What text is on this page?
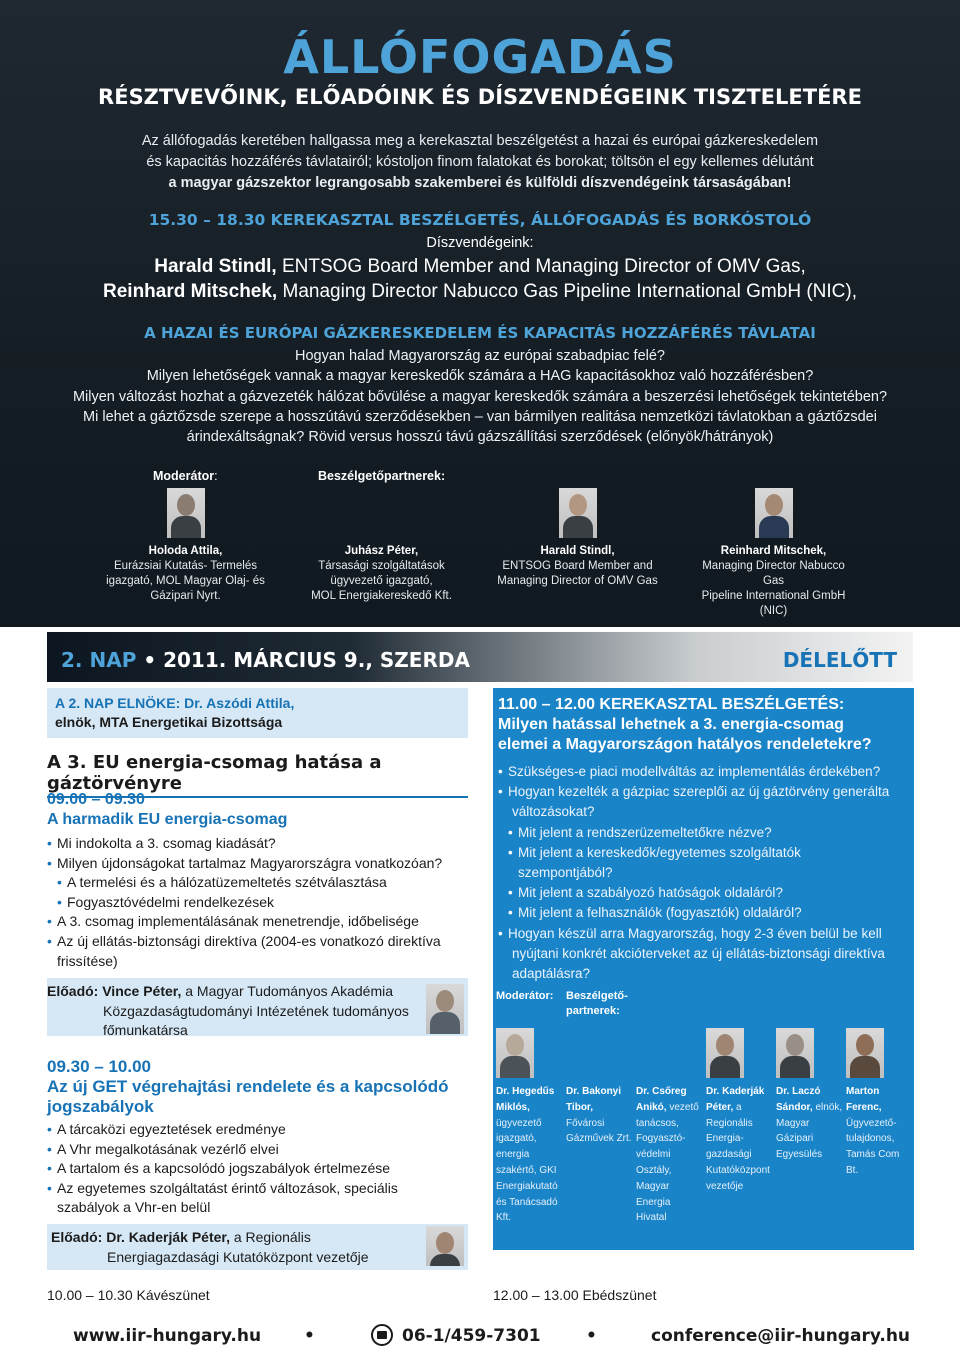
ÁLLÓFOGADÁS
RÉSZTVEVŐINK, ELŐADÓINK ÉS DÍSZVENDÉGEINK TISZTELETÉRE
Az állófogadás keretében hallgassa meg a kerekasztal beszélgetést a hazai és európai gázkereskedelem
és kapacitás hozzáférés távlatairól; kóstoljon finom falatokat és borokat; töltsön el egy kellemes délutánt
a magyar gázszektor legrangosabb szakemberei és külföldi díszvendégeink társaságában!
15.30 – 18.30 KEREKASZTAL BESZÉLGETÉS, ÁLLÓFOGADÁS ÉS BORKÓSTOLÓ
Díszvendégeink:
Harald Stindl, ENTSOG Board Member and Managing Director of OMV Gas,
Reinhard Mitschek, Managing Director Nabucco Gas Pipeline International GmbH (NIC),
A HAZAI ÉS EURÓPAI GÁZKERESKEDELEM ÉS KAPACITÁS HOZZÁFÉRÉS TÁVLATAI
Hogyan halad Magyarország az európai szabadpiac felé?
Milyen lehetőségek vannak a magyar kereskedők számára a HAG kapacitásokhoz való hozzáférésben?
Milyen változást hozhat a gázvezeték hálózat bővülése a magyar kereskedők számára a beszerzési lehetőségek tekintetében?
Mi lehet a gáztőzsde szerepe a hosszútávú szerződésekben – van bármilyen realitása nemzetközi távlatokban a gáztőzsdei
árindexáltságnak? Rövid versus hosszú távú gázszállítási szerződések (előnyök/hátrányok)
Moderátor:	Beszélgetőpartnerek:
Holoda Attila,
Eurázsiai Kutatás- Termelés
igazgató, MOL Magyar Olaj- és
Gázipari Nyrt.
Juhász Péter,
Társasági szolgáltatások
ügyvezető igazgató,
MOL Energiakereskedő Kft.
Harald Stindl,
ENTSOG Board Member and
Managing Director of OMV Gas
Reinhard Mitschek,
Managing Director Nabucco Gas
Pipeline International GmbH (NIC)
2. NAP • 2011. MÁRCIUS 9., SZERDA	DÉLELŐTT
A 2. NAP ELNÖKE: Dr. Aszódi Attila,
elnök, MTA Energetikai Bizottsága
A 3. EU energia-csomag hatása a gáztörvényre
09.00 – 09.30
A harmadik EU energia-csomag
• Mi indokolta a 3. csomag kiadását?
• Milyen újdonságokat tartalmaz Magyarországra vonatkozóan?
• A termelési és a hálózatüzemeltetés szétválasztása
• Fogyasztóvédelmi rendelkezések
• A 3. csomag implementálásának menetrendje, időbelisége
• Az új ellátás-biztonsági direktíva (2004-es vonatkozó direktíva
frissítése)
Előadó: Vince Péter, a Magyar Tudományos Akadémia
Közgazdaságtudományi Intézetének tudományos
főmunkatársa
09.30 – 10.00
Az új GET végrehajtási rendelete és a kapcsolódó
jogszabályok
• A tárcaközi egyeztetések eredménye
• A Vhr megalkotásának vezérlő elvei
• A tartalom és a kapcsolódó jogszabályok értelmezése
• Az egyetemes szolgáltatást érintő változások, speciális
szabályok a Vhr-en belül
Előadó: Dr. Kaderják Péter, a Regionális
Energiagazdasági Kutatóközpont vezetője
10.00 – 10.30 Kávészünet
11.00 – 12.00 KEREKASZTAL BESZÉLGETÉS:
Milyen hatással lehetnek a 3. energia-csomag
elemei a Magyarországon hatályos rendeletekre?
• Szükséges-e piaci modellváltás az implementálás érdekében?
• Hogyan kezelték a gázpiac szereplői az új gáztörvény generálta
változásokat?
• Mit jelent a rendszerüzemeltetőkre nézve?
• Mit jelent a kereskedők/egyetemes szolgáltatók
szempontjából?
• Mit jelent a szabályozó hatóságok oldaláról?
• Mit jelent a felhasználók (fogyasztók) oldaláról?
• Hogyan készül arra Magyarország, hogy 2-3 éven belül be kell
nyújtani konkrét akcióterveket az új ellátás-biztonsági direktíva
adaptálásra?
Moderátor: Beszélgető-
partnerek:
Dr. Hegedűs
Miklós,
ügyvezető
igazgató,
energia
szakértő, GKI
Energiakutató
és Tanácsadó
Kft.
Dr. Bakonyi
Tibor, Fővárosi
Gázművek Zrt.
Dr. Csőreg
Anikó, vezető
tanácsos,
Fogyasztó-
védelmi Osztály,
Magyar Energia
Hivatal
Dr. Kaderják
Péter, a
Regionális
Energia-
gazdasági
Kutatóközpont
vezetője
Dr. Laczó
Sándor, elnök,
Magyar Gázipari
Egyesülés
Marton
Ferenc,
Ügyvezető-
tulajdonos,
Tamás Com Bt.
12.00 – 13.00 Ebédszünet
www.iir-hungary.hu	•	06-1/459-7301	•	conference@iir-hungary.hu
